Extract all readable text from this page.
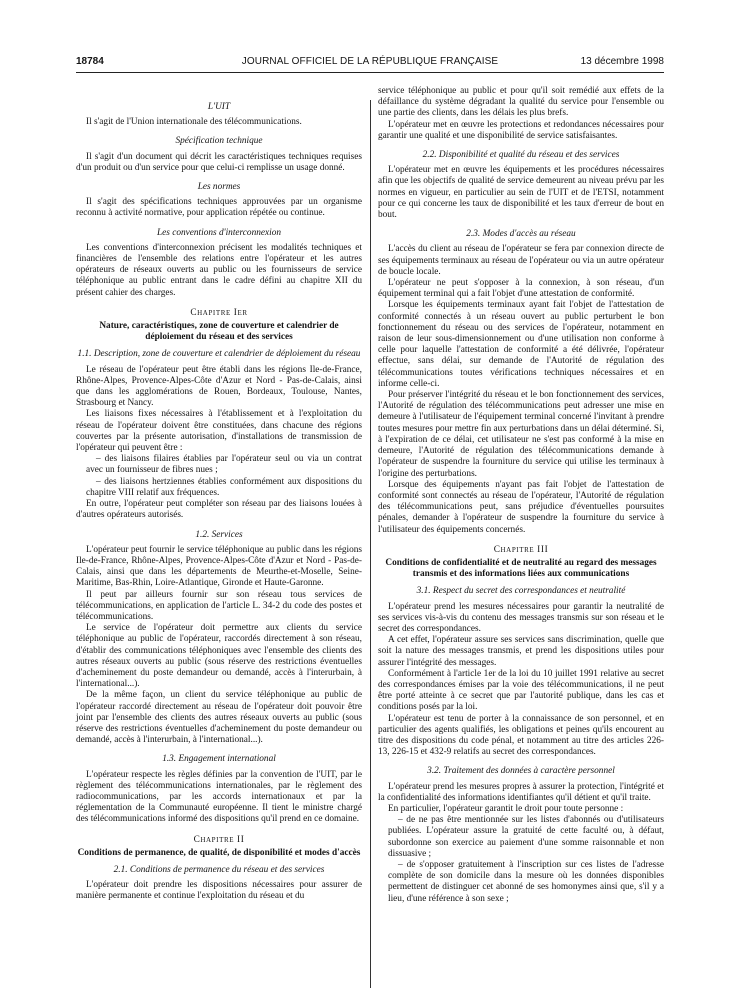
18784	JOURNAL OFFICIEL DE LA RÉPUBLIQUE FRANÇAISE	13 décembre 1998
L'UIT

Il s'agit de l'Union internationale des télécommunications.

Spécification technique

Il s'agit d'un document qui décrit les caractéristiques techniques requises d'un produit ou d'un service pour que celui-ci remplisse un usage donné.

Les normes

Il s'agit des spécifications techniques approuvées par un organisme reconnu à activité normative, pour application répétée ou continue.

Les conventions d'interconnexion

Les conventions d'interconnexion précisent les modalités techniques et financières de l'ensemble des relations entre l'opérateur et les autres opérateurs de réseaux ouverts au public ou les fournisseurs de service téléphonique au public entrant dans le cadre défini au chapitre XII du présent cahier des charges.

Chapitre Ier
Nature, caractéristiques, zone de couverture et calendrier de déploiement du réseau et des services
1.1. Description, zone de couverture et calendrier de déploiement du réseau

Le réseau de l'opérateur peut être établi dans les régions Ile-de-France, Rhône-Alpes, Provence-Alpes-Côte d'Azur et Nord - Pas-de-Calais, ainsi que dans les agglomérations de Rouen, Bordeaux, Toulouse, Nantes, Strasbourg et Nancy.

Les liaisons fixes nécessaires à l'établissement et à l'exploitation du réseau de l'opérateur doivent être constituées, dans chacune des régions couvertes par la présente autorisation, d'installations de transmission de l'opérateur qui peuvent être :

– des liaisons filaires établies par l'opérateur seul ou via un contrat avec un fournisseur de fibres nues ;

– des liaisons hertziennes établies conformément aux dispositions du chapitre VIII relatif aux fréquences.

En outre, l'opérateur peut compléter son réseau par des liaisons louées à d'autres opérateurs autorisés.

1.2. Services

L'opérateur peut fournir le service téléphonique au public dans les régions Ile-de-France, Rhône-Alpes, Provence-Alpes-Côte d'Azur et Nord - Pas-de-Calais, ainsi que dans les départements de Meurthe-et-Moselle, Seine-Maritime, Bas-Rhin, Loire-Atlantique, Gironde et Haute-Garonne.

Il peut par ailleurs fournir sur son réseau tous services de télécommunications, en application de l'article L. 34-2 du code des postes et télécommunications.

Le service de l'opérateur doit permettre aux clients du service téléphonique au public de l'opérateur, raccordés directement à son réseau, d'établir des communications téléphoniques avec l'ensemble des clients des autres réseaux ouverts au public (sous réserve des restrictions éventuelles d'acheminement du poste demandeur ou demandé, accès à l'interurbain, à l'international...).

De la même façon, un client du service téléphonique au public de l'opérateur raccordé directement au réseau de l'opérateur doit pouvoir être joint par l'ensemble des clients des autres réseaux ouverts au public (sous réserve des restrictions éventuelles d'acheminement du poste demandeur ou demandé, accès à l'interurbain, à l'international...).

1.3. Engagement international

L'opérateur respecte les règles définies par la convention de l'UIT, par le règlement des télécommunications internationales, par le règlement des radiocommunications, par les accords internationaux et par la réglementation de la Communauté européenne. Il tient le ministre chargé des télécommunications informé des dispositions qu'il prend en ce domaine.

Chapitre II
Conditions de permanence, de qualité, de disponibilité et modes d'accès
2.1. Conditions de permanence du réseau et des services

L'opérateur doit prendre les dispositions nécessaires pour assurer de manière permanente et continue l'exploitation du réseau et du

service téléphonique au public et pour qu'il soit remédié aux effets de la défaillance du système dégradant la qualité du service pour l'ensemble ou une partie des clients, dans les délais les plus brefs.

L'opérateur met en œuvre les protections et redondances nécessaires pour garantir une qualité et une disponibilité de service satisfaisantes.

2.2. Disponibilité et qualité du réseau et des services

L'opérateur met en œuvre les équipements et les procédures nécessaires afin que les objectifs de qualité de service demeurent au niveau prévu par les normes en vigueur, en particulier au sein de l'UIT et de l'ETSI, notamment pour ce qui concerne les taux de disponibilité et les taux d'erreur de bout en bout.

2.3. Modes d'accès au réseau

L'accès du client au réseau de l'opérateur se fera par connexion directe de ses équipements terminaux au réseau de l'opérateur ou via un autre opérateur de boucle locale.

L'opérateur ne peut s'opposer à la connexion, à son réseau, d'un équipement terminal qui a fait l'objet d'une attestation de conformité.

Lorsque les équipements terminaux ayant fait l'objet de l'attestation de conformité connectés à un réseau ouvert au public perturbent le bon fonctionnement du réseau ou des services de l'opérateur, notamment en raison de leur sous-dimensionnement ou d'une utilisation non conforme à celle pour laquelle l'attestation de conformité a été délivrée, l'opérateur effectue, sans délai, sur demande de l'Autorité de régulation des télécommunications toutes vérifications techniques nécessaires et en informe celle-ci.

Pour préserver l'intégrité du réseau et le bon fonctionnement des services, l'Autorité de régulation des télécommunications peut adresser une mise en demeure à l'utilisateur de l'équipement terminal concerné l'invitant à prendre toutes mesures pour mettre fin aux perturbations dans un délai déterminé. Si, à l'expiration de ce délai, cet utilisateur ne s'est pas conformé à la mise en demeure, l'Autorité de régulation des télécommunications demande à l'opérateur de suspendre la fourniture du service qui utilise les terminaux à l'origine des perturbations.

Lorsque des équipements n'ayant pas fait l'objet de l'attestation de conformité sont connectés au réseau de l'opérateur, l'Autorité de régulation des télécommunications peut, sans préjudice d'éventuelles poursuites pénales, demander à l'opérateur de suspendre la fourniture du service à l'utilisateur des équipements concernés.

Chapitre III
Conditions de confidentialité et de neutralité au regard des messages transmis et des informations liées aux communications
3.1. Respect du secret des correspondances et neutralité

L'opérateur prend les mesures nécessaires pour garantir la neutralité de ses services vis-à-vis du contenu des messages transmis sur son réseau et le secret des correspondances.

A cet effet, l'opérateur assure ses services sans discrimination, quelle que soit la nature des messages transmis, et prend les dispositions utiles pour assurer l'intégrité des messages.

Conformément à l'article 1er de la loi du 10 juillet 1991 relative au secret des correspondances émises par la voie des télécommunications, il ne peut être porté atteinte à ce secret que par l'autorité publique, dans les cas et conditions posés par la loi.

L'opérateur est tenu de porter à la connaissance de son personnel, et en particulier des agents qualifiés, les obligations et peines qu'ils encourent au titre des dispositions du code pénal, et notamment au titre des articles 226-13, 226-15 et 432-9 relatifs au secret des correspondances.

3.2. Traitement des données à caractère personnel

L'opérateur prend les mesures propres à assurer la protection, l'intégrité et la confidentialité des informations identifiantes qu'il détient et qu'il traite.

En particulier, l'opérateur garantit le droit pour toute personne :

– de ne pas être mentionnée sur les listes d'abonnés ou d'utilisateurs publiées. L'opérateur assure la gratuité de cette faculté ou, à défaut, subordonne son exercice au paiement d'une somme raisonnable et non dissuasive ;

– de s'opposer gratuitement à l'inscription sur ces listes de l'adresse complète de son domicile dans la mesure où les données disponibles permettent de distinguer cet abonné de ses homonymes ainsi que, s'il y a lieu, d'une référence à son sexe ;
